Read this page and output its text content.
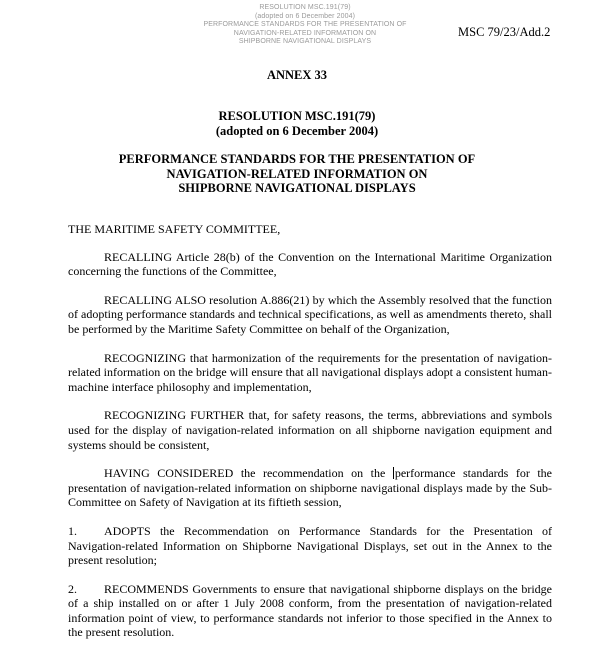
RESOLUTION MSC.191(79)
(adopted on 6 December 2004)
PERFORMANCE STANDARDS FOR THE PRESENTATION OF
NAVIGATION-RELATED INFORMATION ON
SHIPBORNE NAVIGATIONAL DISPLAYS
MSC 79/23/Add.2
ANNEX 33
RESOLUTION MSC.191(79)
(adopted on 6 December 2004)
PERFORMANCE STANDARDS FOR THE PRESENTATION OF
NAVIGATION-RELATED INFORMATION ON
SHIPBORNE NAVIGATIONAL DISPLAYS

THE MARITIME SAFETY COMMITTEE,

RECALLING Article 28(b) of the Convention on the International Maritime Organization concerning the functions of the Committee,

RECALLING ALSO resolution A.886(21) by which the Assembly resolved that the function of adopting performance standards and technical specifications, as well as amendments thereto, shall be performed by the Maritime Safety Committee on behalf of the Organization,

RECOGNIZING that harmonization of the requirements for the presentation of navigation-related information on the bridge will ensure that all navigational displays adopt a consistent human-machine interface philosophy and implementation,

RECOGNIZING FURTHER that, for safety reasons, the terms, abbreviations and symbols used for the display of navigation-related information on all shipborne navigation equipment and systems should be consistent,

HAVING CONSIDERED the recommendation on the performance standards for the presentation of navigation-related information on shipborne navigational displays made by the Sub-Committee on Safety of Navigation at its fiftieth session,

1. ADOPTS the Recommendation on Performance Standards for the Presentation of Navigation-related Information on Shipborne Navigational Displays, set out in the Annex to the present resolution;

2. RECOMMENDS Governments to ensure that navigational shipborne displays on the bridge of a ship installed on or after 1 July 2008 conform, from the presentation of navigation-related information point of view, to performance standards not inferior to those specified in the Annex to the present resolution.
